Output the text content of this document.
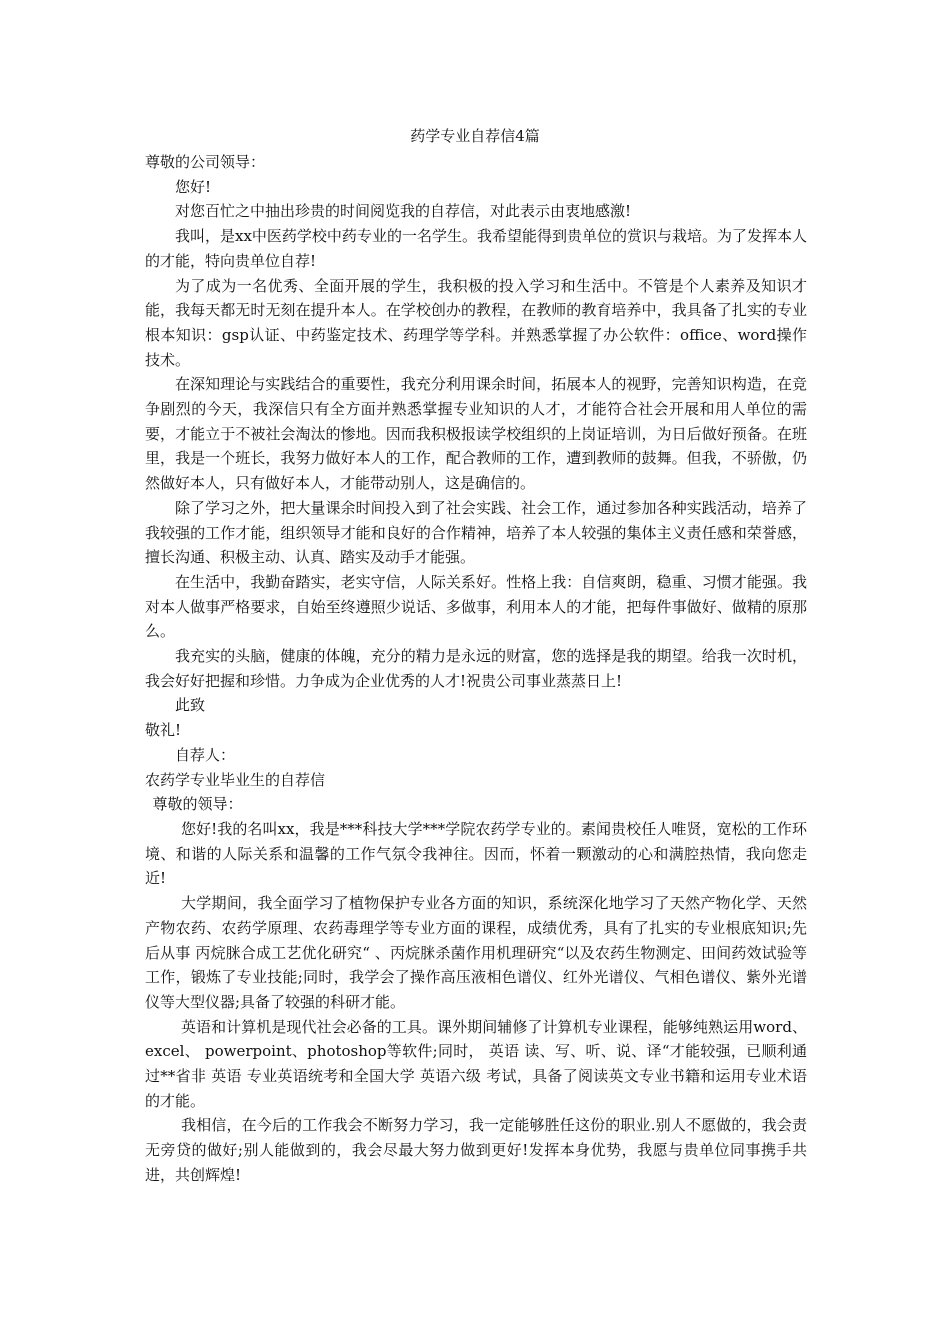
药学专业自荐信4篇

尊敬的公司领导：

您好!

对您百忙之中抽出珍贵的时间阅览我的自荐信，对此表示由衷地感激!

我叫，是xx中医药学校中药专业的一名学生。我希望能得到贵单位的赏识与栽培。为了发挥本人的才能，特向贵单位自荐!

为了成为一名优秀、全面开展的学生，我积极的投入学习和生活中。不管是个人素养及知识才能，我每天都无时无刻在提升本人。在学校创办的教程，在教师的教育培养中，我具备了扎实的专业根本知识：gsp认证、中药鉴定技术、药理学等学科。并熟悉掌握了办公软件：office、word操作技术。

在深知理论与实践结合的重要性，我充分利用课余时间，拓展本人的视野，完善知识构造，在竞争剧烈的今天，我深信只有全方面并熟悉掌握专业知识的人才，才能符合社会开展和用人单位的需要，才能立于不被社会淘汰的惨地。因而我积极报读学校组织的上岗证培训，为日后做好预备。在班里，我是一个班长，我努力做好本人的工作，配合教师的工作，遭到教师的鼓舞。但我，不骄傲，仍然做好本人，只有做好本人，才能带动别人，这是确信的。

除了学习之外，把大量课余时间投入到了社会实践、社会工作，通过参加各种实践活动，培养了我较强的工作才能，组织领导才能和良好的合作精神，培养了本人较强的集体主义责任感和荣誉感，擅长沟通、积极主动、认真、踏实及动手才能强。

在生活中，我勤奋踏实，老实守信，人际关系好。性格上我：自信爽朗，稳重、习惯才能强。我对本人做事严格要求，自始至终遵照少说话、多做事，利用本人的才能，把每件事做好、做精的原那么。

我充实的头脑，健康的体魄，充分的精力是永远的财富，您的选择是我的期望。给我一次时机，我会好好把握和珍惜。力争成为企业优秀的人才!祝贵公司事业蒸蒸日上!

此致

敬礼!

自荐人：

农药学专业毕业生的自荐信

尊敬的领导：

您好!我的名叫xx，我是***科技大学***学院农药学专业的。素闻贵校任人唯贤，宽松的工作环境、和谐的人际关系和温馨的工作气氛令我神往。因而，怀着一颗激动的心和满腔热情，我向您走近!

大学期间，我全面学习了植物保护专业各方面的知识，系统深化地学习了天然产物化学、天然产物农药、农药学原理、农药毒理学等专业方面的课程，成绩优秀，具有了扎实的专业根底知识;先后从事 丙烷脒合成工艺优化研究“ 、丙烷脒杀菌作用机理研究“以及农药生物测定、田间药效试验等工作，锻炼了专业技能;同时，我学会了操作高压液相色谱仪、红外光谱仪、气相色谱仪、紫外光谱仪等大型仪器;具备了较强的科研才能。

英语和计算机是现代社会必备的工具。课外期间辅修了计算机专业课程，能够纯熟运用word、 excel、 powerpoint、photoshop等软件;同时， 英语 读、写、听、说、译“才能较强，已顺利通过**省非 英语 专业英语统考和全国大学 英语六级 考试，具备了阅读英文专业书籍和运用专业术语的才能。

我相信，在今后的工作我会不断努力学习，我一定能够胜任这份的职业.别人不愿做的，我会责无旁贷的做好;别人能做到的，我会尽最大努力做到更好!发挥本身优势，我愿与贵单位同事携手共进，共创辉煌!
